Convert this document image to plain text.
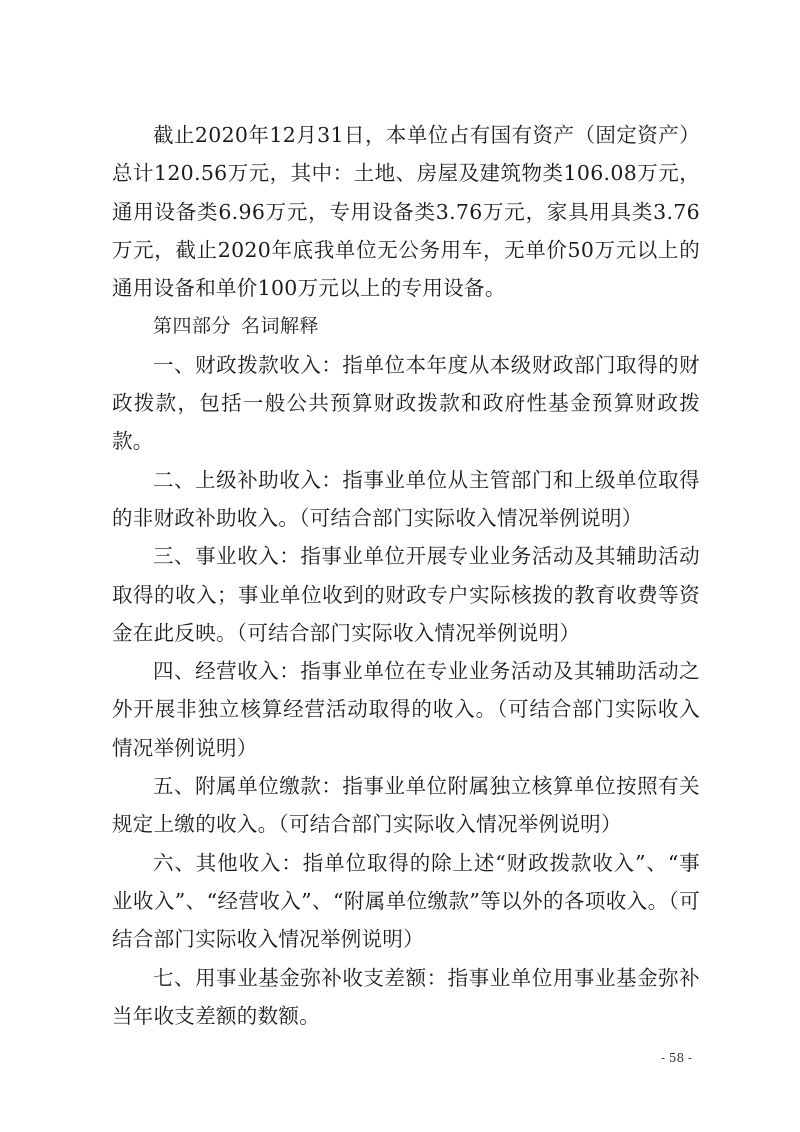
截止2020年12月31日，本单位占有国有资产（固定资产）总计120.56万元，其中：土地、房屋及建筑物类106.08万元，通用设备类6.96万元，专用设备类3.76万元，家具用具类3.76万元，截止2020年底我单位无公务用车，无单价50万元以上的通用设备和单价100万元以上的专用设备。

第四部分 名词解释

一、财政拨款收入：指单位本年度从本级财政部门取得的财政拨款，包括一般公共预算财政拨款和政府性基金预算财政拨款。

二、上级补助收入：指事业单位从主管部门和上级单位取得的非财政补助收入。（可结合部门实际收入情况举例说明）

三、事业收入：指事业单位开展专业业务活动及其辅助活动取得的收入；事业单位收到的财政专户实际核拨的教育收费等资金在此反映。（可结合部门实际收入情况举例说明）

四、经营收入：指事业单位在专业业务活动及其辅助活动之外开展非独立核算经营活动取得的收入。（可结合部门实际收入情况举例说明）

五、附属单位缴款：指事业单位附属独立核算单位按照有关规定上缴的收入。（可结合部门实际收入情况举例说明）

六、其他收入：指单位取得的除上述“财政拨款收入”、“事业收入”、“经营收入”、“附属单位缴款”等以外的各项收入。（可结合部门实际收入情况举例说明）

七、用事业基金弥补收支差额：指事业单位用事业基金弥补当年收支差额的数额。

- 58 -
